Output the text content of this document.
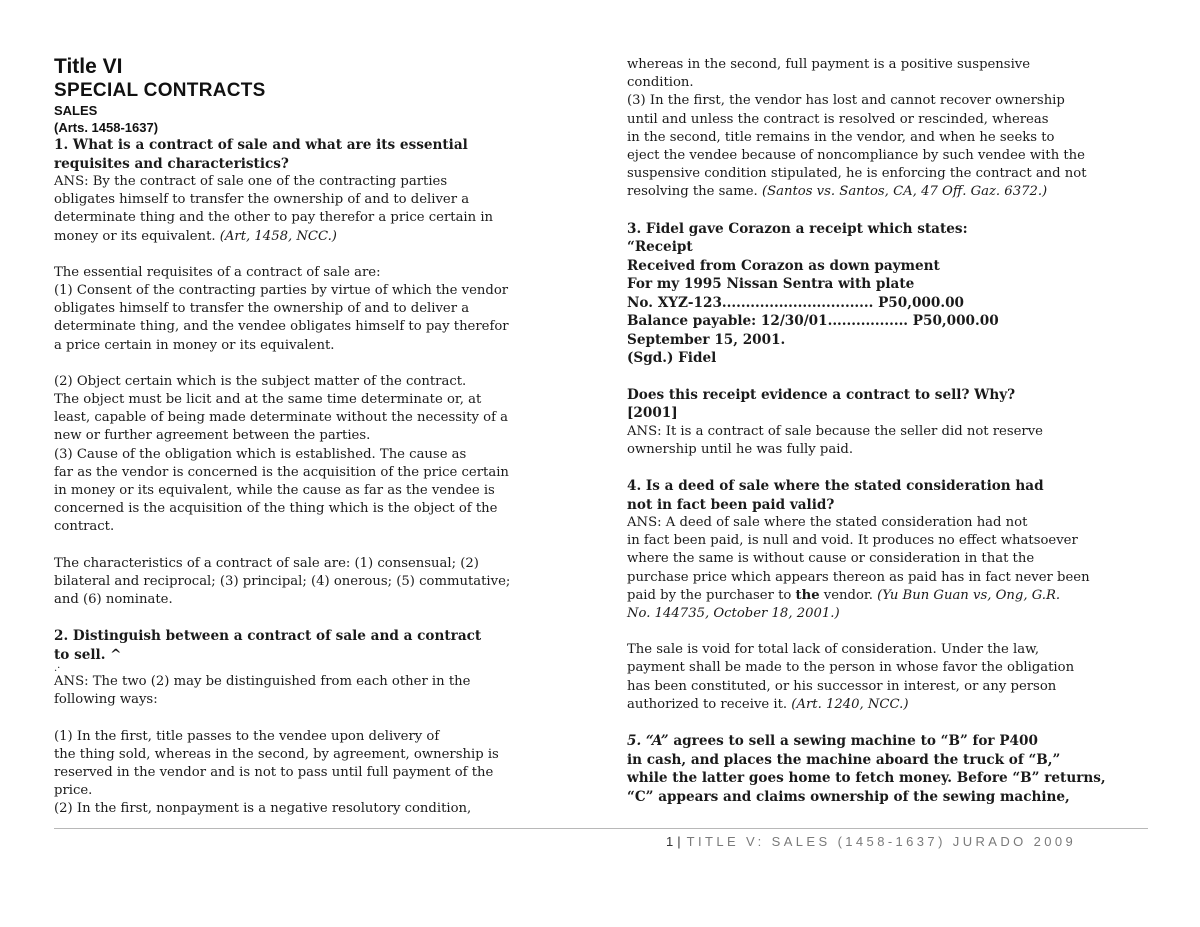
Title VI
SPECIAL CONTRACTS
SALES
(Arts. 1458-1637)
1. What is a contract of sale and what are its essential
requisites and characteristics?
ANS: By the contract of sale one of the contracting parties
obligates himself to transfer the ownership of and to deliver a
determinate thing and the other to pay therefor a price certain in
money or its equivalent. (Art, 1458, NCC.)
The essential requisites of a contract of sale are:
(1) Consent of the contracting parties by virtue of which the vendor
obligates himself to transfer the ownership of and to deliver a
determinate thing, and the vendee obligates himself to pay therefor
a price certain in money or its equivalent.
(2) Object certain which is the subject matter of the contract.
The object must be licit and at the same time determinate or, at
least, capable of being made determinate without the necessity of a
new or further agreement between the parties.
(3) Cause of the obligation which is established. The cause as
far as the vendor is concerned is the acquisition of the price certain
in money or its equivalent, while the cause as far as the vendee is
concerned is the acquisition of the thing which is the object of the
contract.
The characteristics of a contract of sale are: (1) consensual; (2)
bilateral and reciprocal; (3) principal; (4) onerous; (5) commutative;
and (6) nominate.
2. Distinguish between a contract of sale and a contract
to sell. ^
.·
ANS: The two (2) may be distinguished from each other in the
following ways:
(1) In the first, title passes to the vendee upon delivery of
the thing sold, whereas in the second, by agreement, ownership is
reserved in the vendor and is not to pass until full payment of the
price.
(2) In the first, nonpayment is a negative resolutory condition,
whereas in the second, full payment is a positive suspensive
condition.
(3) In the first, the vendor has lost and cannot recover ownership
until and unless the contract is resolved or rescinded, whereas
in the second, title remains in the vendor, and when he seeks to
eject the vendee because of noncompliance by such vendee with the
suspensive condition stipulated, he is enforcing the contract and not
resolving the same. (Santos vs. Santos, CA, 47 Off. Gaz. 6372.)
3. Fidel gave Corazon a receipt which states:
“Receipt
Received from Corazon as down payment
For my 1995 Nissan Sentra with plate
No. XYZ-123................................ P50,000.00
Balance payable: 12/30/01................. P50,000.00
September 15, 2001.
(Sgd.) Fidel
Does this receipt evidence a contract to sell? Why?
[2001]
ANS: It is a contract of sale because the seller did not reserve
ownership until he was fully paid.
4. Is a deed of sale where the stated consideration had
not in fact been paid valid?
ANS: A deed of sale where the stated consideration had not
in fact been paid, is null and void. It produces no effect whatsoever
where the same is without cause or consideration in that the
purchase price which appears thereon as paid has in fact never been
paid by the purchaser to the vendor. (Yu Bun Guan vs, Ong, G.R.
No. 144735, October 18, 2001.)
The sale is void for total lack of consideration. Under the law,
payment shall be made to the person in whose favor the obligation
has been constituted, or his successor in interest, or any person
authorized to receive it. (Art. 1240, NCC.)
5. “A” agrees to sell a sewing machine to “B” for P400
in cash, and places the machine aboard the truck of “B,”
while the latter goes home to fetch money. Before “B” returns,
“C” appears and claims ownership of the sewing machine,
1 | TITLE V: SALES (1458-1637) JURADO 2009
